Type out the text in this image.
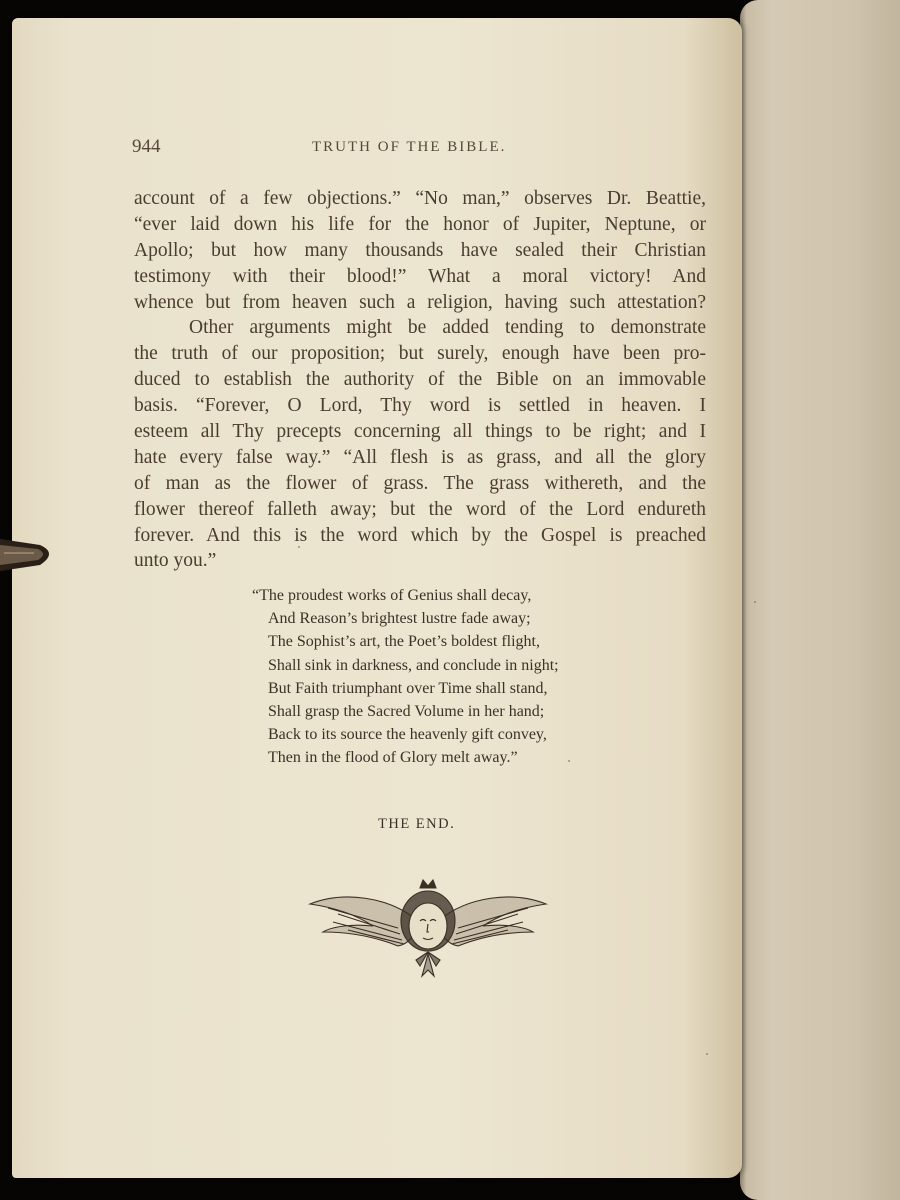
944	TRUTH OF THE BIBLE.
account of a few objections.” “No man,” observes Dr. Beattie,
“ever laid down his life for the honor of Jupiter, Neptune, or
Apollo; but how many thousands have sealed their Christian
testimony with their blood!” What a moral victory! And
whence but from heaven such a religion, having such attestation?
Other arguments might be added tending to demonstrate
the truth of our proposition; but surely, enough have been pro-
duced to establish the authority of the Bible on an immovable
basis. “Forever, O Lord, Thy word is settled in heaven. I
esteem all Thy precepts concerning all things to be right; and I
hate every false way.” “All flesh is as grass, and all the glory
of man as the flower of grass. The grass withereth, and the
flower thereof falleth away; but the word of the Lord endureth
forever. And this is the word which by the Gospel is preached
unto you.”
“The proudest works of Genius shall decay,
And Reason’s brightest lustre fade away;
The Sophist’s art, the Poet’s boldest flight,
Shall sink in darkness, and conclude in night;
But Faith triumphant over Time shall stand,
Shall grasp the Sacred Volume in her hand;
Back to its source the heavenly gift convey,
Then in the flood of Glory melt away.”
THE END.
